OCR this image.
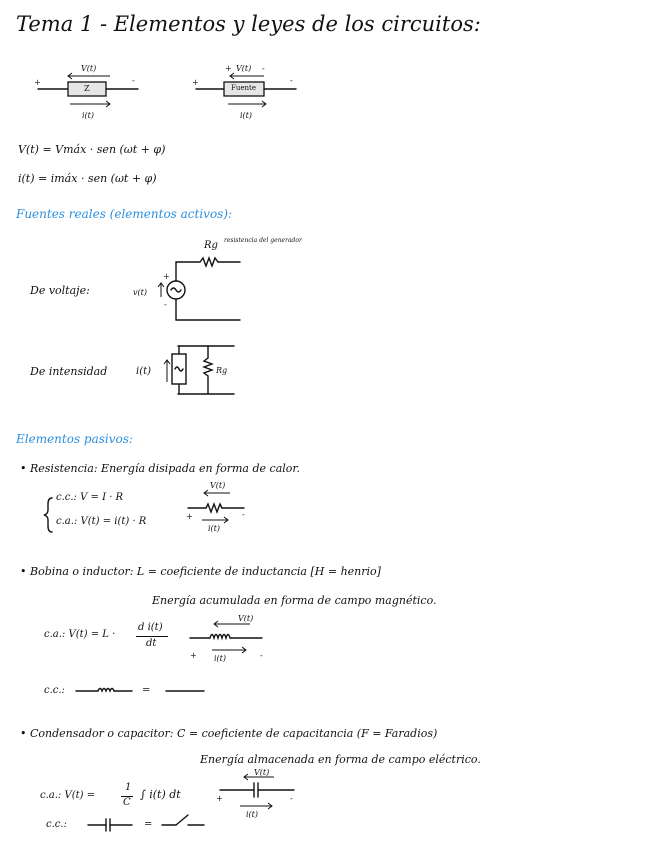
Tema 1 - Elementos y leyes de los circuitos:
+	-
Z
V(t)
i(t)
+
+
-
-
Fuente
V(t)
i(t)
V(t) = Vmáx · sen (ωt + φ)
i(t) = imáx · sen (ωt + φ)
Fuentes reales (elementos activos):
Rg resistencia del generador
De voltaje:	v(t)
+
-
De intensidad	i(t)	Rg
Elementos pasivos:
• Resistencia: Energía disipada en forma de calor.
c.c.: V = I · R
c.a.: V(t) = i(t) · R
V(t)
+	-
i(t)
• Bobina o inductor: L = coeficiente de inductancia [H = henrio]
Energía acumulada en forma de campo magnético.
c.a.: V(t) = L ·
d i(t)
dt
V(t)
+	-
i(t)
c.c.:	=
• Condensador o capacitor: C = coeficiente de capacitancia (F = Faradios)
Energía almacenada en forma de campo eléctrico.
c.a.: V(t) =
1
C
∫ i(t) dt
V(t)
+	-
i(t)
c.c.:	=
